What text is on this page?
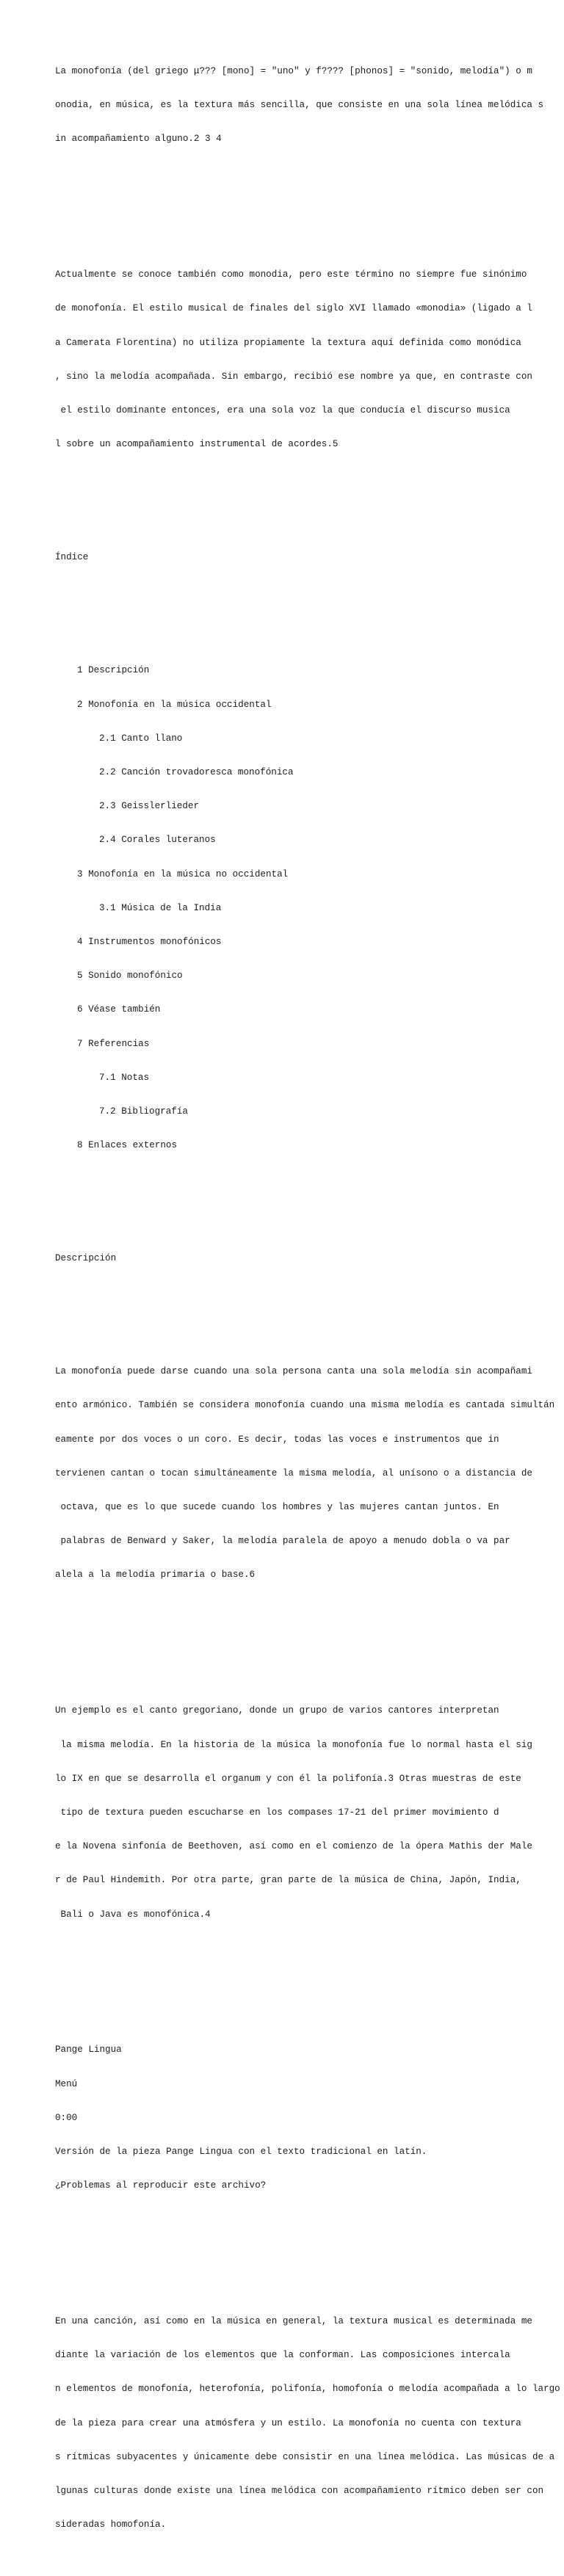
La monofonía (del griego μ??? [mono] = "uno" y f???? [phonos] = "sonido, melodía") o m

onodia, en música, es la textura más sencilla, que consiste en una sola línea melódica s

in acompañamiento alguno.2 3 4

Actualmente se conoce también como monodia, pero este término no siempre fue sinónimo

de monofonía. El estilo musical de finales del siglo XVI llamado «monodia» (ligado a l

a Camerata Florentina) no utiliza propiamente la textura aquí definida como monódica

, sino la melodía acompañada. Sin embargo, recibió ese nombre ya que, en contraste con

el estilo dominante entonces, era una sola voz la que conducía el discurso musica

l sobre un acompañamiento instrumental de acordes.5

Índice

1 Descripción

2 Monofonía en la música occidental

2.1 Canto llano

2.2 Canción trovadoresca monofónica

2.3 Geisslerlieder

2.4 Corales luteranos

3 Monofonía en la música no occidental

3.1 Música de la India

4 Instrumentos monofónicos

5 Sonido monofónico

6 Véase también

7 Referencias

7.1 Notas

7.2 Bibliografía

8 Enlaces externos

Descripción

La monofonía puede darse cuando una sola persona canta una sola melodía sin acompañami

ento armónico. También se considera monofonía cuando una misma melodía es cantada simultán

eamente por dos voces o un coro. Es decir, todas las voces e instrumentos que in

tervienen cantan o tocan simultáneamente la misma melodía, al unísono o a distancia de

octava, que es lo que sucede cuando los hombres y las mujeres cantan juntos. En

palabras de Benward y Saker, la melodía paralela de apoyo a menudo dobla o va par

alela a la melodía primaria o base.6

Un ejemplo es el canto gregoriano, donde un grupo de varios cantores interpretan

la misma melodía. En la historia de la música la monofonía fue lo normal hasta el sig

lo IX en que se desarrolla el organum y con él la polifonía.3 Otras muestras de este

tipo de textura pueden escucharse en los compases 17-21 del primer movimiento d

e la Novena sinfonía de Beethoven, así como en el comienzo de la ópera Mathis der Male

r de Paul Hindemith. Por otra parte, gran parte de la música de China, Japón, India,

Bali o Java es monofónica.4

Pange Lingua

Menú

0:00

Versión de la pieza Pange Lingua con el texto tradicional en latín.

¿Problemas al reproducir este archivo?

En una canción, así como en la música en general, la textura musical es determinada me

diante la variación de los elementos que la conforman. Las composiciones intercala

n elementos de monofonía, heterofonía, polifonía, homofonía o melodía acompañada a lo largo

de la pieza para crear una atmósfera y un estilo. La monofonía no cuenta con textura

s rítmicas subyacentes y únicamente debe consistir en una línea melódica. Las músicas de a

lgunas culturas donde existe una línea melódica con acompañamiento rítmico deben ser con

sideradas homofonía.
